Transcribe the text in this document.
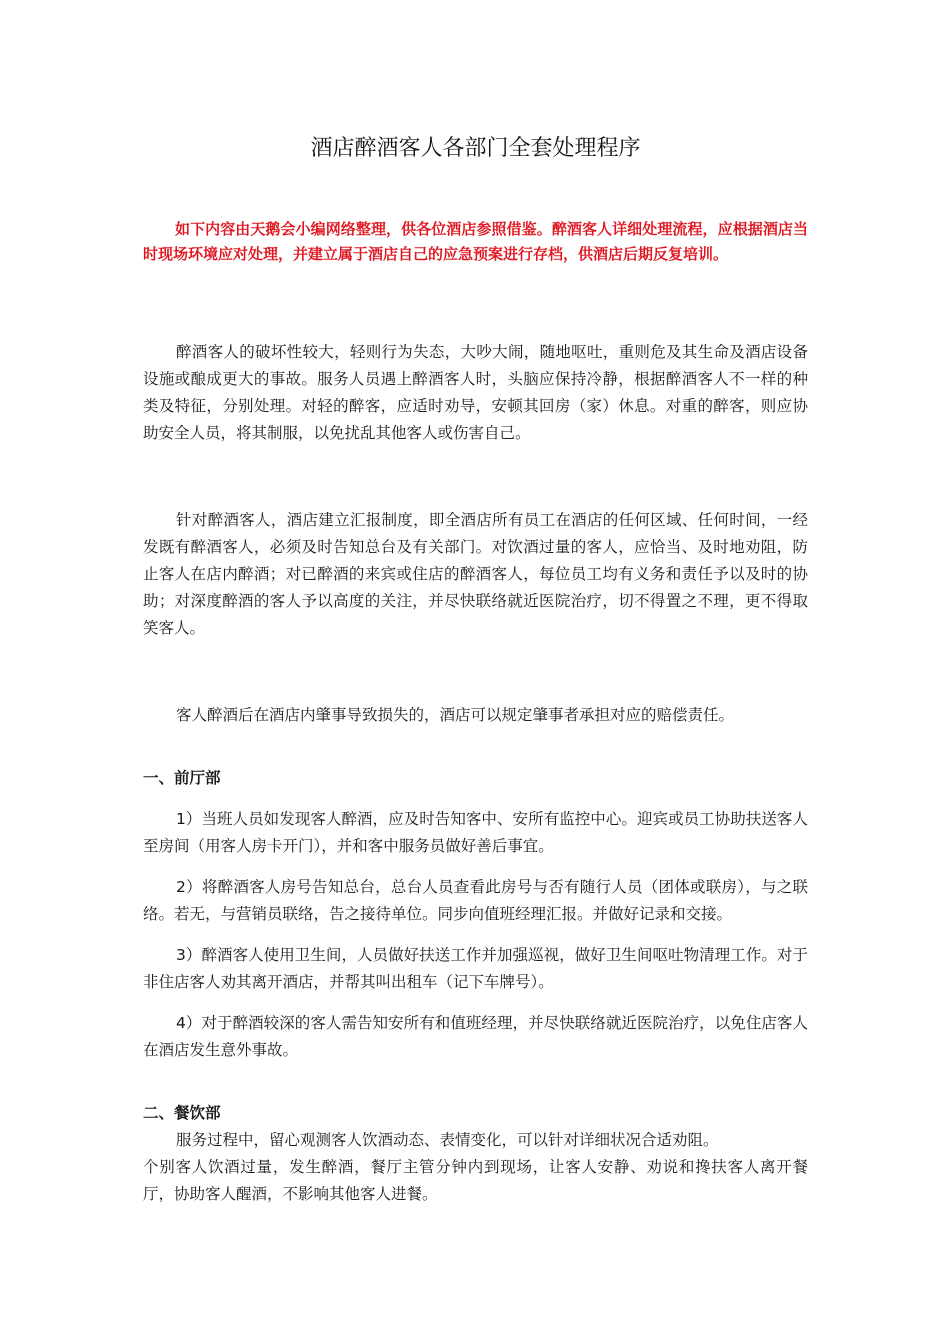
酒店醉酒客人各部门全套处理程序

如下内容由天鹅会小编网络整理，供各位酒店参照借鉴。醉酒客人详细处理流程，应根据酒店当时现场环境应对处理，并建立属于酒店自己的应急预案进行存档，供酒店后期反复培训。

醉酒客人的破坏性较大，轻则行为失态，大吵大闹，随地呕吐，重则危及其生命及酒店设备设施或酿成更大的事故。服务人员遇上醉酒客人时，头脑应保持冷静，根据醉酒客人不一样的种类及特征，分别处理。对轻的醉客，应适时劝导，安顿其回房（家）休息。对重的醉客，则应协助安全人员，将其制服，以免扰乱其他客人或伤害自己。

针对醉酒客人，酒店建立汇报制度，即全酒店所有员工在酒店的任何区域、任何时间，一经发既有醉酒客人，必须及时告知总台及有关部门。对饮酒过量的客人，应恰当、及时地劝阻，防止客人在店内醉酒；对已醉酒的来宾或住店的醉酒客人，每位员工均有义务和责任予以及时的协助；对深度醉酒的客人予以高度的关注，并尽快联络就近医院治疗，切不得置之不理，更不得取笑客人。

客人醉酒后在酒店内肇事导致损失的，酒店可以规定肇事者承担对应的赔偿责任。

一、前厅部

1）当班人员如发现客人醉酒，应及时告知客中、安所有监控中心。迎宾或员工协助扶送客人至房间（用客人房卡开门），并和客中服务员做好善后事宜。

2）将醉酒客人房号告知总台，总台人员查看此房号与否有随行人员（团体或联房），与之联络。若无，与营销员联络，告之接待单位。同步向值班经理汇报。并做好记录和交接。

3）醉酒客人使用卫生间，人员做好扶送工作并加强巡视，做好卫生间呕吐物清理工作。对于非住店客人劝其离开酒店，并帮其叫出租车（记下车牌号）。

4）对于醉酒较深的客人需告知安所有和值班经理，并尽快联络就近医院治疗，以免住店客人在酒店发生意外事故。

二、餐饮部

服务过程中，留心观测客人饮酒动态、表情变化，可以针对详细状况合适劝阻。

个别客人饮酒过量，发生醉酒，餐厅主管分钟内到现场，让客人安静、劝说和搀扶客人离开餐厅，协助客人醒酒，不影响其他客人进餐。
